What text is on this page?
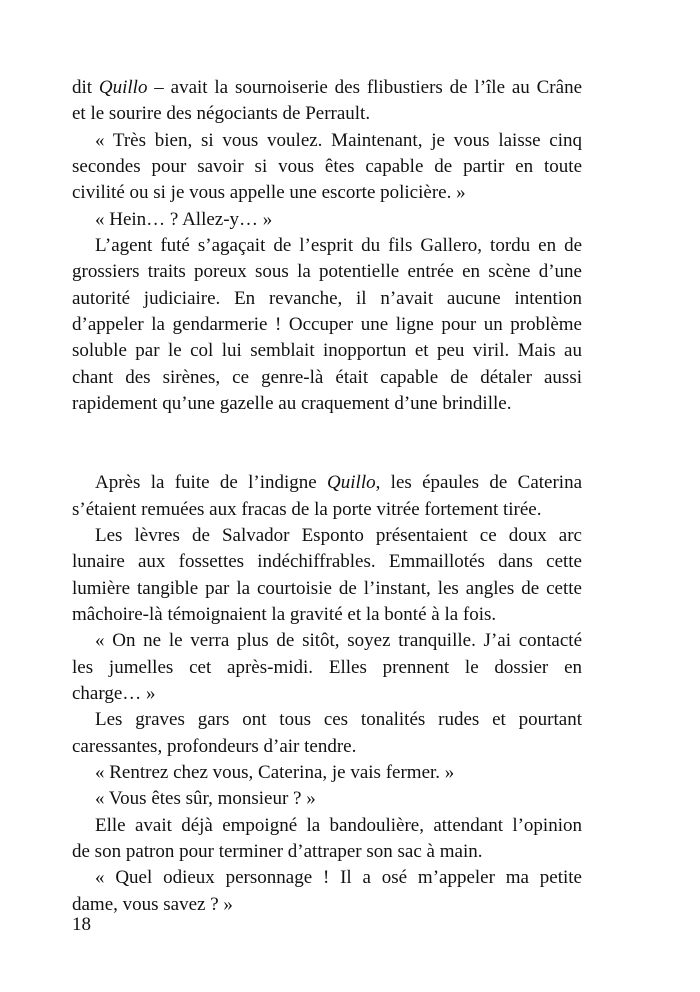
dit Quillo – avait la sournoiserie des flibustiers de l’île au Crâne
et le sourire des négociants de Perrault.
« Très bien, si vous voulez. Maintenant, je vous laisse cinq
secondes pour savoir si vous êtes capable de partir en toute
civilité ou si je vous appelle une escorte policière. »
« Hein… ? Allez-y… »
L’agent futé s’agaçait de l’esprit du fils Gallero, tordu en de
grossiers traits poreux sous la potentielle entrée en scène d’une
autorité judiciaire. En revanche, il n’avait aucune intention
d’appeler la gendarmerie ! Occuper une ligne pour un problème
soluble par le col lui semblait inopportun et peu viril. Mais au
chant des sirènes, ce genre-là était capable de détaler aussi
rapidement qu’une gazelle au craquement d’une brindille.
Après la fuite de l’indigne Quillo, les épaules de Caterina
s’étaient remuées aux fracas de la porte vitrée fortement tirée.
Les lèvres de Salvador Esponto présentaient ce doux arc
lunaire aux fossettes indéchiffrables. Emmaillotés dans cette
lumière tangible par la courtoisie de l’instant, les angles de cette
mâchoire-là témoignaient la gravité et la bonté à la fois.
« On ne le verra plus de sitôt, soyez tranquille. J’ai contacté
les jumelles cet après-midi. Elles prennent le dossier en
charge… »
Les graves gars ont tous ces tonalités rudes et pourtant
caressantes, profondeurs d’air tendre.
« Rentrez chez vous, Caterina, je vais fermer. »
« Vous êtes sûr, monsieur ? »
Elle avait déjà empoigné la bandoulière, attendant l’opinion
de son patron pour terminer d’attraper son sac à main.
« Quel odieux personnage ! Il a osé m’appeler ma petite
dame, vous savez ? »
18
